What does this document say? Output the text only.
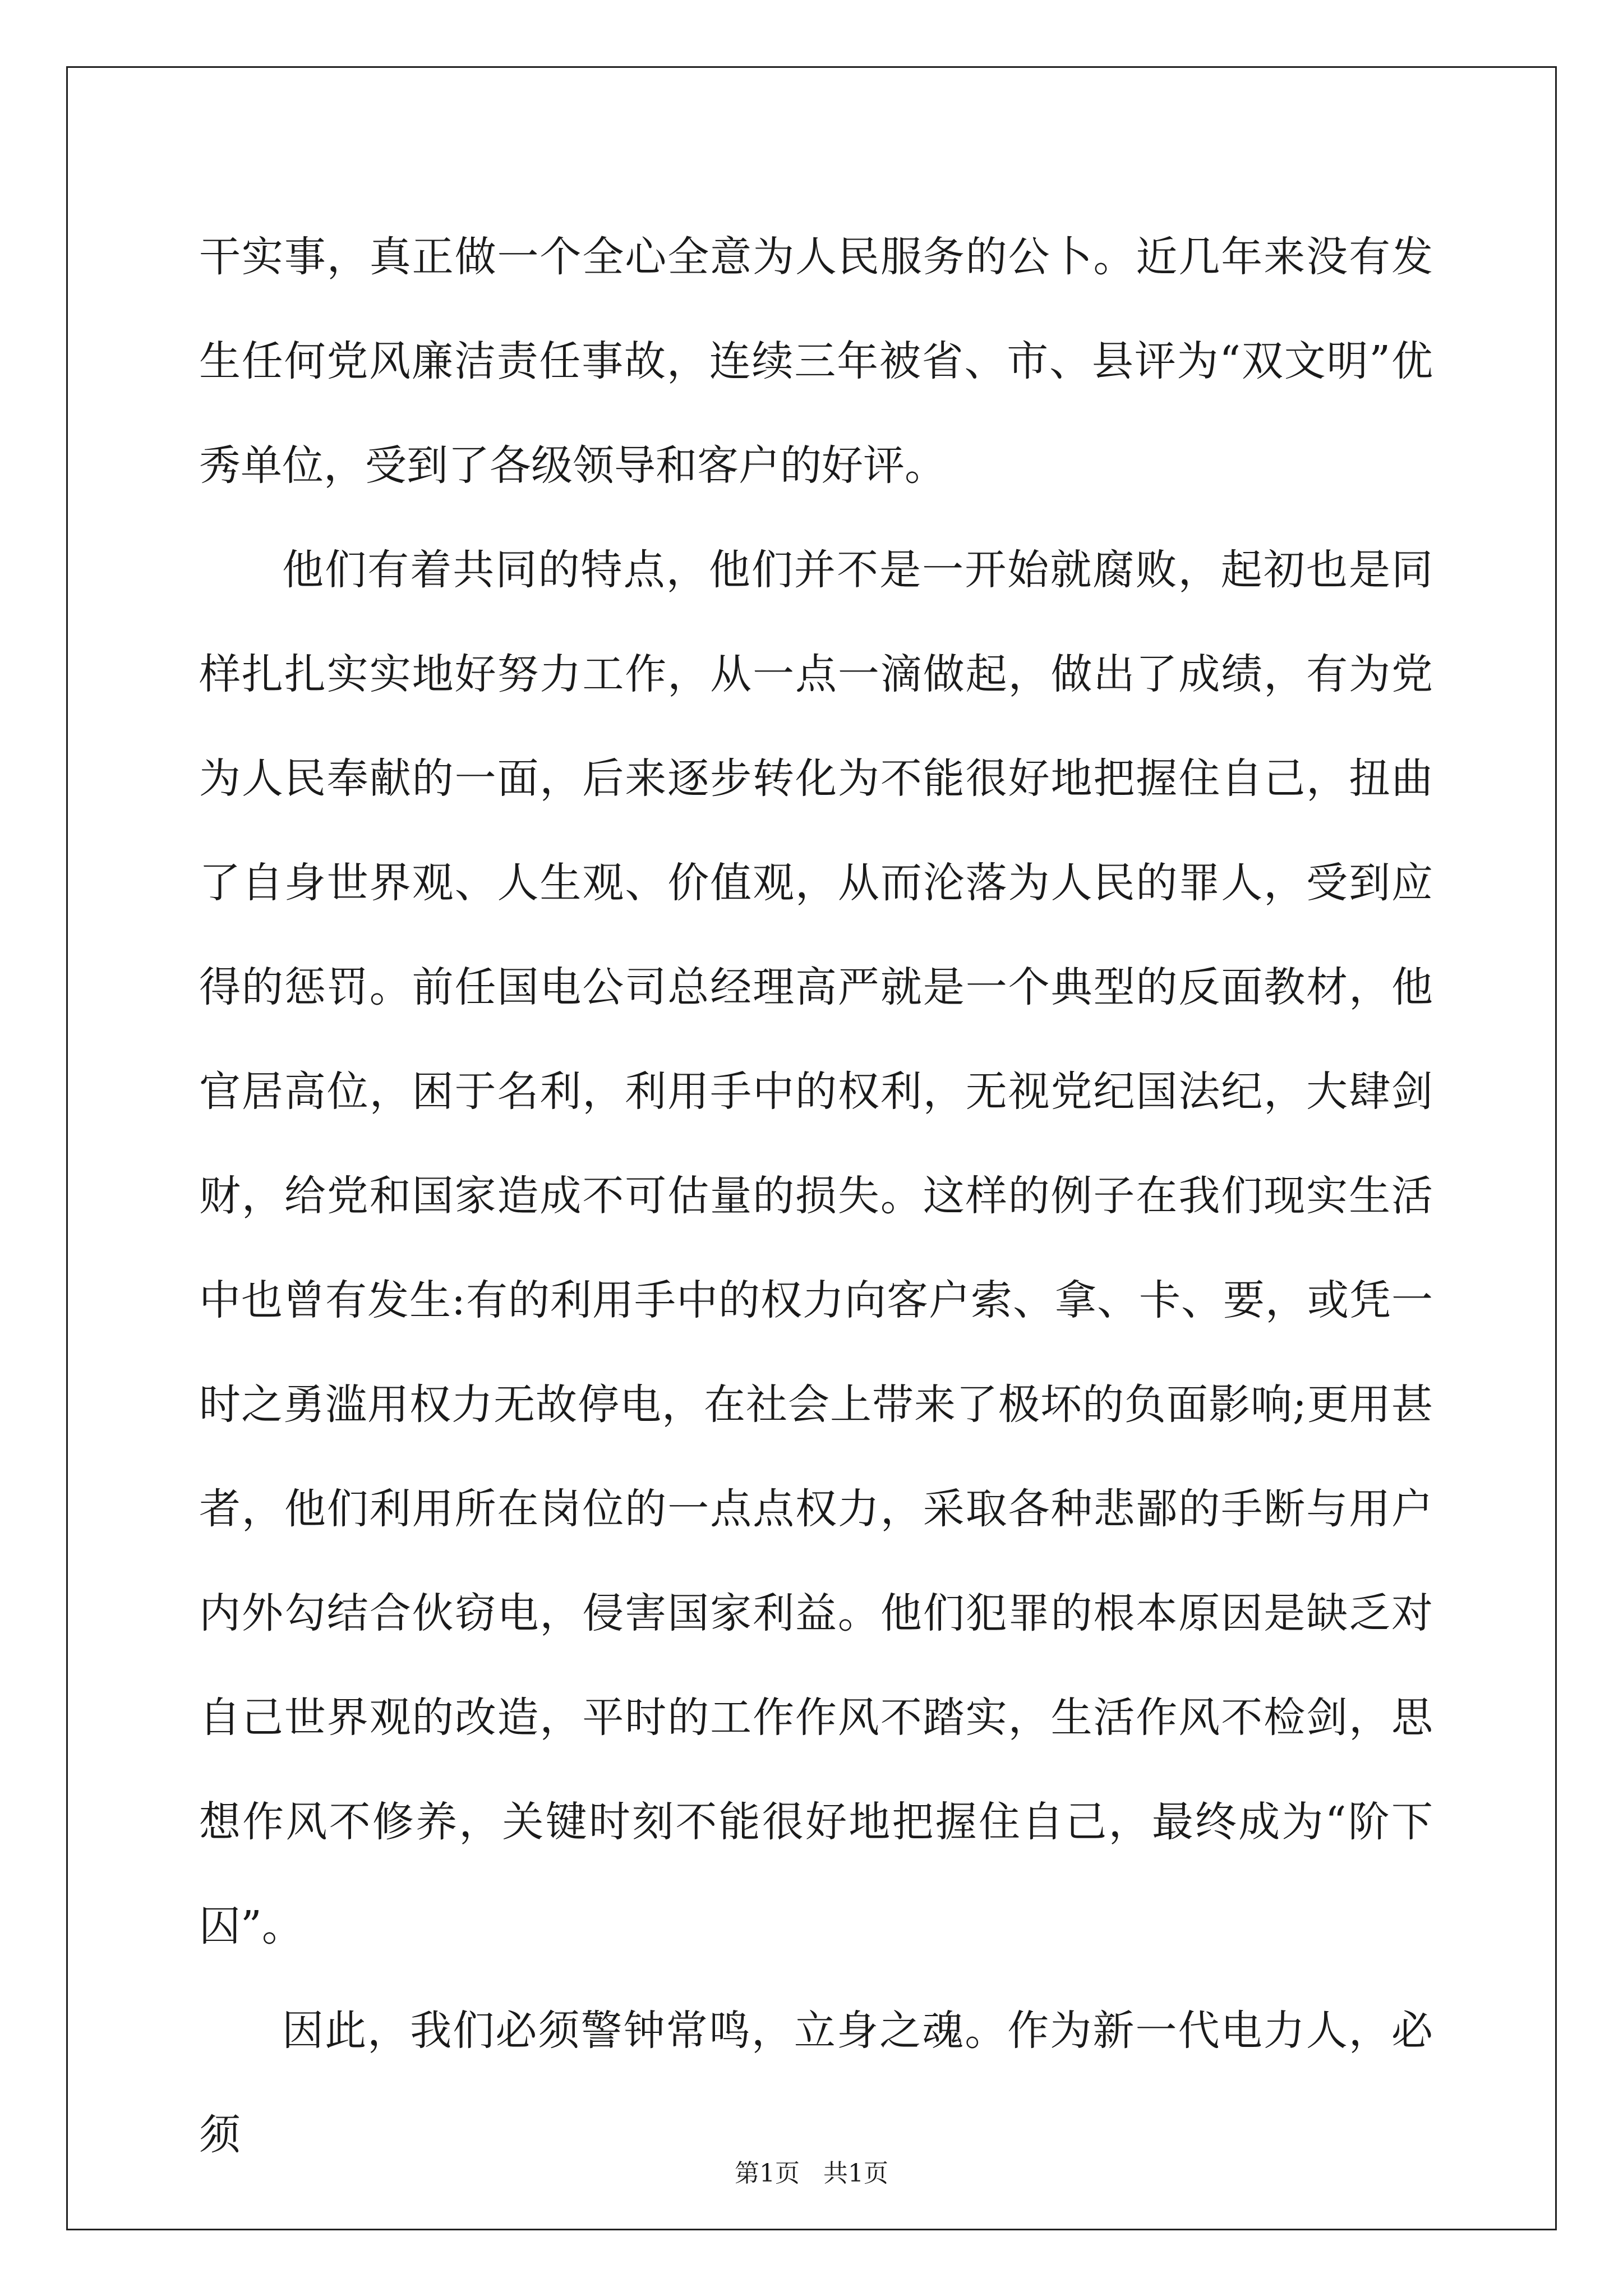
干实事，真正做一个全心全意为人民服务的公卜。近几年来没有发生任何党风廉洁责任事故，连续三年被省、市、县评为“双文明”优秀单位，受到了各级领导和客户的好评。

他们有着共同的特点，他们并不是一开始就腐败，起初也是同样扎扎实实地好努力工作，从一点一滴做起，做出了成绩，有为党为人民奉献的一面，后来逐步转化为不能很好地把握住自己，扭曲了自身世界观、人生观、价值观，从而沦落为人民的罪人，受到应得的惩罚。前任国电公司总经理高严就是一个典型的反面教材，他官居高位，困于名利，利用手中的权利，无视党纪国法纪，大肆剑财，给党和国家造成不可估量的损失。这样的例子在我们现实生活中也曾有发生:有的利用手中的权力向客户索、拿、卡、要，或凭一时之勇滥用权力无故停电，在社会上带来了极坏的负面影响;更用甚者，他们利用所在岗位的一点点权力，采取各种悲鄙的手断与用户内外勾结合伙窃电，侵害国家利益。他们犯罪的根本原因是缺乏对自己世界观的改造，平时的工作作风不踏实，生活作风不检剑，思想作风不修养，关键时刻不能很好地把握住自己，最终成为“阶下囚”。

因此，我们必须警钟常鸣，立身之魂。作为新一代电力人，必须

第1页   共1页
